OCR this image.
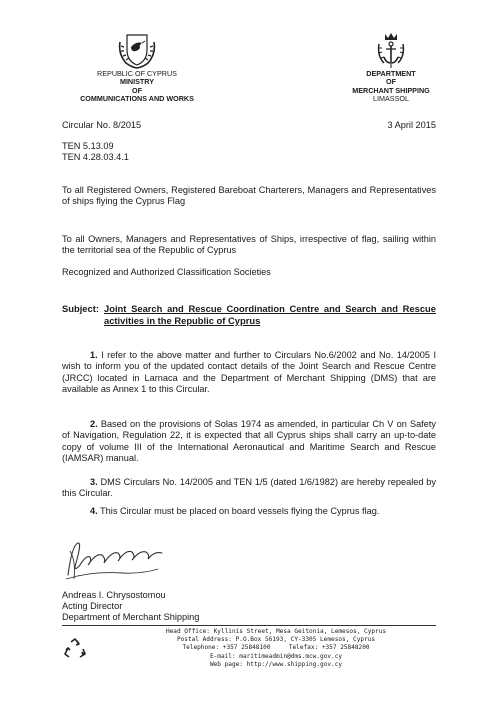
REPUBLIC OF CYPRUS
MINISTRY
OF
COMMUNICATIONS AND WORKS
DEPARTMENT
OF
MERCHANT SHIPPING
LIMASSOL
Circular No. 8/2015	3 April 2015
TEN 5.13.09
TEN 4.28.03.4.1
To all Registered Owners, Registered Bareboat Charterers, Managers and Representatives of ships flying the Cyprus Flag
To all Owners, Managers and Representatives of Ships, irrespective of flag, sailing within the territorial sea of the Republic of Cyprus
Recognized and Authorized Classification Societies
Subject: Joint Search and Rescue Coordination Centre and Search and Rescue activities in the Republic of Cyprus
1. I refer to the above matter and further to Circulars No.6/2002 and No. 14/2005 I wish to inform you of the updated contact details of the Joint Search and Rescue Centre (JRCC) located in Larnaca and the Department of Merchant Shipping (DMS) that are available as Annex 1 to this Circular.
2. Based on the provisions of Solas 1974 as amended, in particular Ch V on Safety of Navigation, Regulation 22, it is expected that all Cyprus ships shall carry an up-to-date copy of volume III of the International Aeronautical and Maritime Search and Rescue (IAMSAR) manual.
3. DMS Circulars No. 14/2005 and TEN 1/5 (dated 1/6/1982) are hereby repealed by this Circular.
4. This Circular must be placed on board vessels flying the Cyprus flag.
Andreas I. Chrysostomou
Acting Director
Department of Merchant Shipping
Head Office: Kyllinis Street, Mesa Geitonia, Lemesos, Cyprus
Postal Address: P.O.Box 56193, CY-3305 Lemesos, Cyprus
Telephone: +357 25848100     Telefax: +357 25848200
E-mail: maritimeadmin@dms.mcw.gov.cy
Web page: http://www.shipping.gov.cy
